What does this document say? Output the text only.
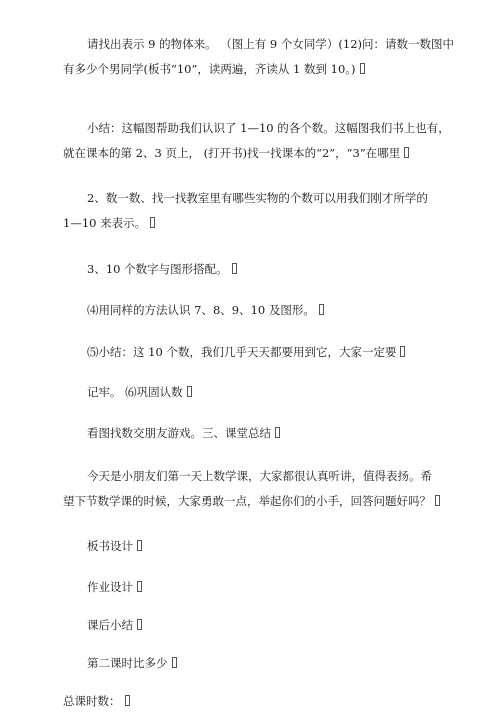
请找出表示 9 的物体来。 （图上有 9 个女同学）(12)问：请数一数图中
有多少个男同学(板书“10”，读两遍，齐读从 1 数到 10。)
小结：这幅图帮助我们认识了 1—10 的各个数。这幅图我们书上也有，
就在课本的第 2、3 页上， (打开书)找一找课本的“2”，“3”在哪里
2、数一数、找一找教室里有哪些实物的个数可以用我们刚才所学的
1—10 来表示。
3、10 个数字与图形搭配。
⑷用同样的方法认识 7、8、9、10 及图形。
⑸小结：这 10 个数，我们几乎天天都要用到它，大家一定要
记牢。 ⑹巩固认数
看图找数交朋友游戏。三、课堂总结
今天是小朋友们第一天上数学课，大家都很认真听讲，值得表扬。希
望下节数学课的时候，大家勇敢一点，举起你们的小手，回答问题好吗？
板书设计
作业设计
课后小结
第二课时比多少
总课时数：
